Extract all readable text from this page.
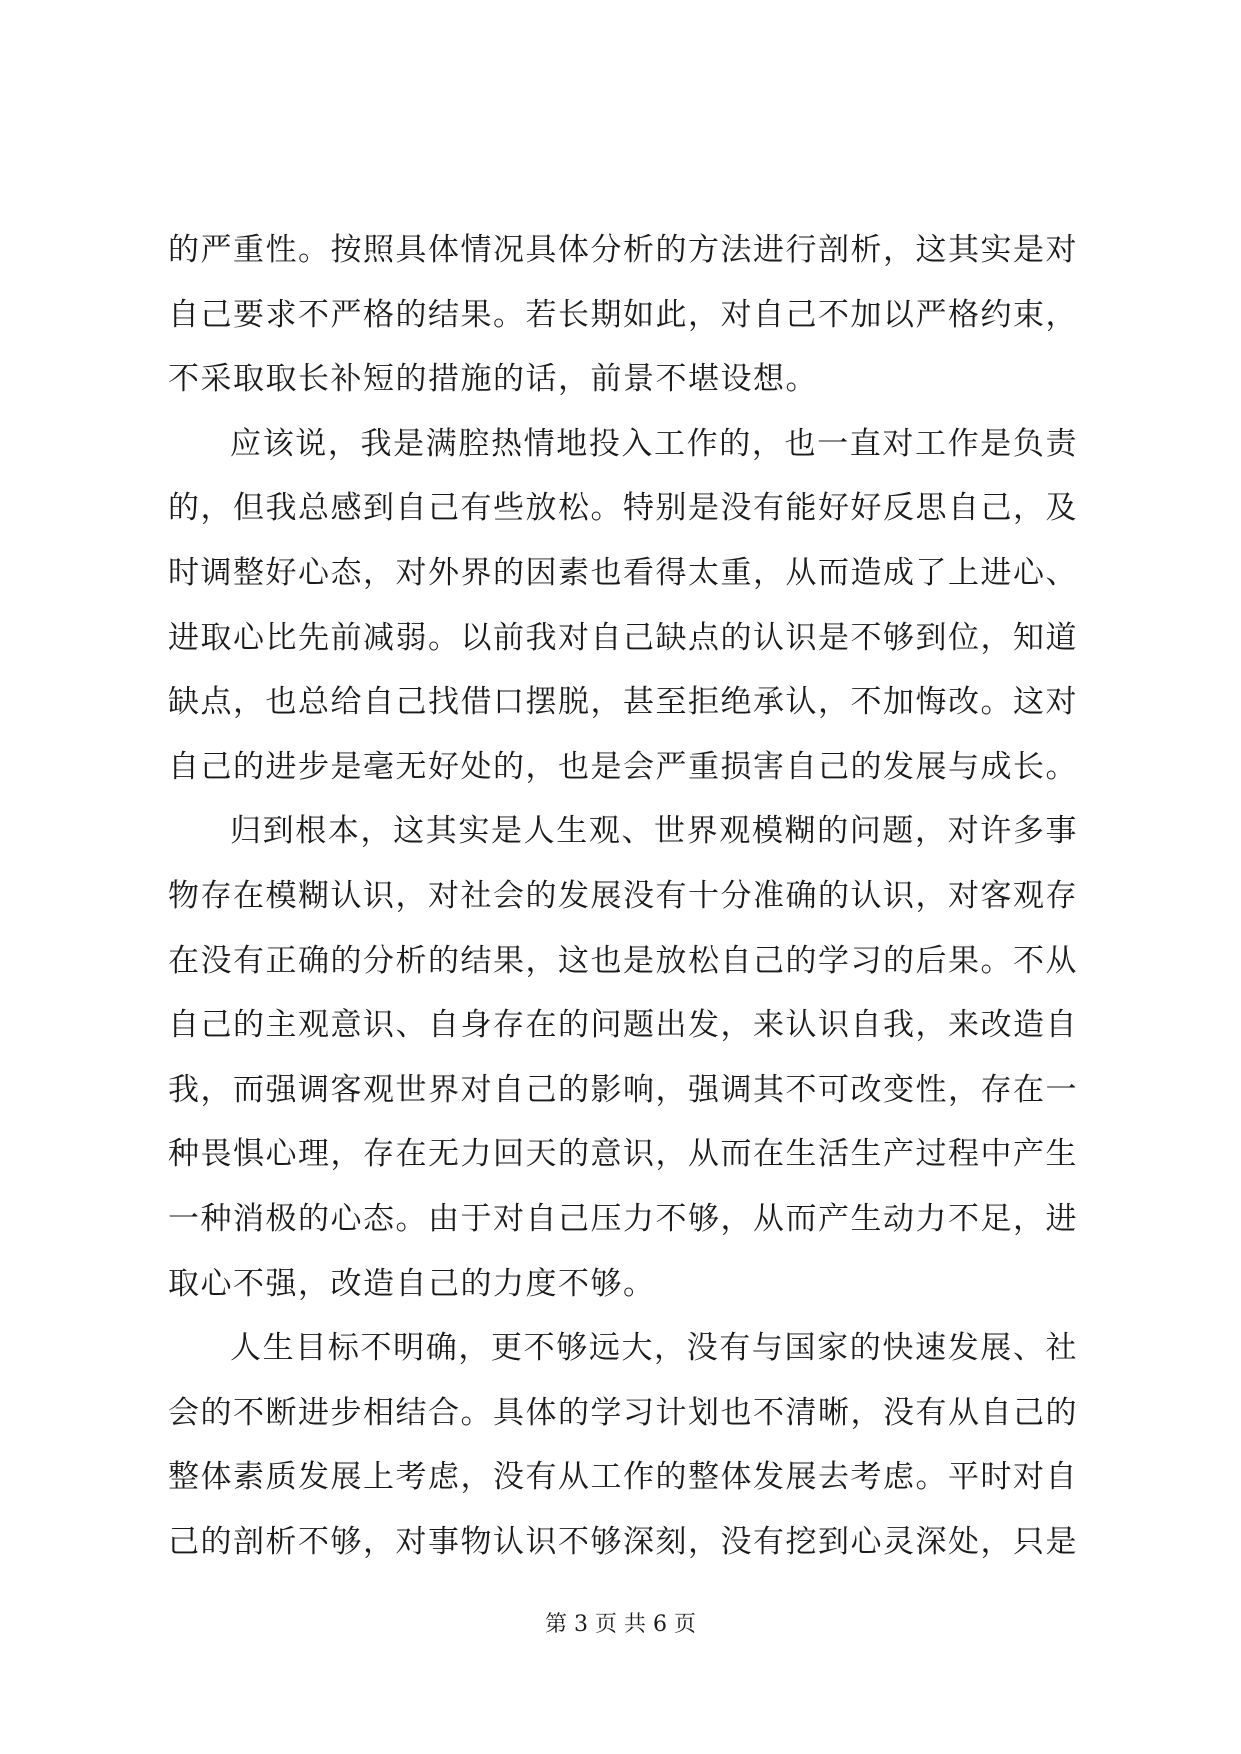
的严重性。按照具体情况具体分析的方法进行剖析，这其实是对自己要求不严格的结果。若长期如此，对自己不加以严格约束，不采取取长补短的措施的话，前景不堪设想。

应该说，我是满腔热情地投入工作的，也一直对工作是负责的，但我总感到自己有些放松。特别是没有能好好反思自己，及时调整好心态，对外界的因素也看得太重，从而造成了上进心、进取心比先前减弱。以前我对自己缺点的认识是不够到位，知道缺点，也总给自己找借口摆脱，甚至拒绝承认，不加悔改。这对自己的进步是毫无好处的，也是会严重损害自己的发展与成长。

归到根本，这其实是人生观、世界观模糊的问题，对许多事物存在模糊认识，对社会的发展没有十分准确的认识，对客观存在没有正确的分析的结果，这也是放松自己的学习的后果。不从自己的主观意识、自身存在的问题出发，来认识自我，来改造自我，而强调客观世界对自己的影响，强调其不可改变性，存在一种畏惧心理，存在无力回天的意识，从而在生活生产过程中产生一种消极的心态。由于对自己压力不够，从而产生动力不足，进取心不强，改造自己的力度不够。

人生目标不明确，更不够远大，没有与国家的快速发展、社会的不断进步相结合。具体的学习计划也不清晰，没有从自己的整体素质发展上考虑，没有从工作的整体发展去考虑。平时对自己的剖析不够，对事物认识不够深刻，没有挖到心灵深处，只是

第 3 页 共 6 页
